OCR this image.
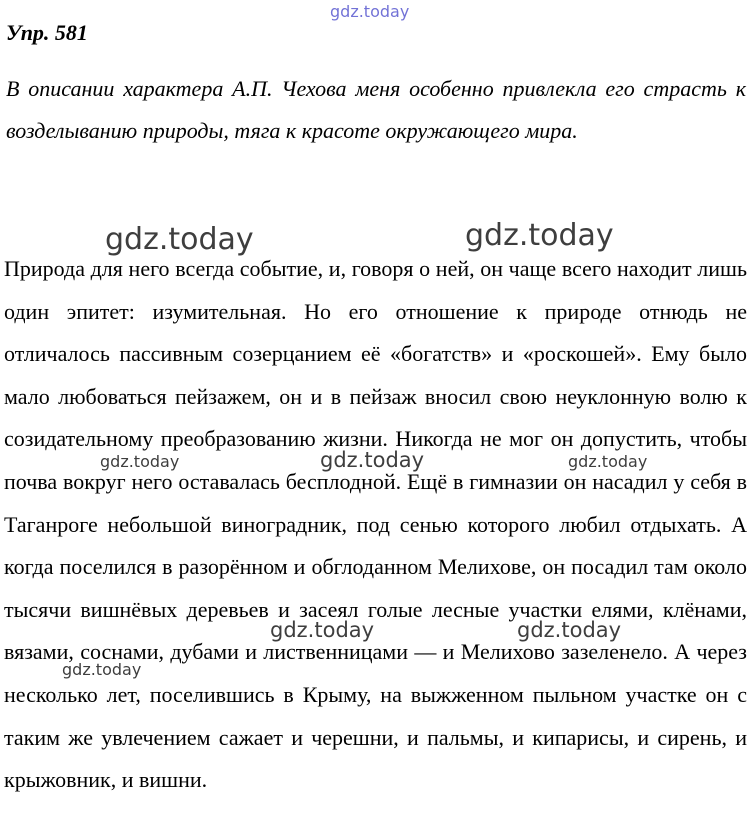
gdz.today
Упр. 581

В описании характера А.П. Чехова меня особенно привлекла его страсть к возделыванию природы, тяга к красоте окружающего мира.

Природа для него всегда событие, и, говоря о ней, он чаще всего находит лишь один эпитет: изумительная. Но его отношение к природе отнюдь не отличалось пассивным созерцанием её «богатств» и «роскошей». Ему было мало любоваться пейзажем, он и в пейзаж вносил свою неуклонную волю к созидательному преобразованию жизни. Никогда не мог он допустить, чтобы почва вокруг него оставалась бесплодной. Ещё в гимназии он насадил у себя в Таганроге небольшой виноградник, под сенью которого любил отдыхать. А когда поселился в разорённом и обглоданном Мелихове, он посадил там около тысячи вишнёвых деревьев и засеял голые лесные участки елями, клёнами, вязами, соснами, дубами и лиственницами — и Мелихово зазеленело. А через несколько лет, поселившись в Крыму, на выжженном пыльном участке он с таким же увлечением сажает и черешни, и пальмы, и кипарисы, и сирень, и крыжовник, и вишни.

gdz.today	gdz.today
gdz.today	gdz.today	gdz.today
gdz.today	gdz.today
gdz.today
